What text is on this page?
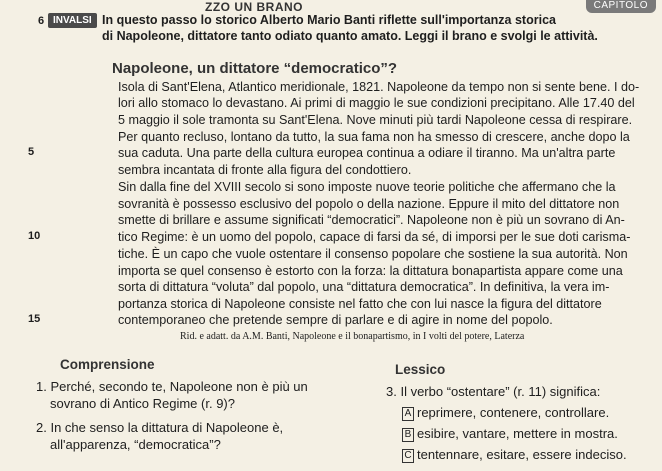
ZZO UN BRANO	CAPITOLO
6 INVALSI In questo passo lo storico Alberto Mario Banti riflette sull'importanza storica
di Napoleone, dittatore tanto odiato quanto amato. Leggi il brano e svolgi le attività.
Napoleone, un dittatore “democratico”?
Isola di Sant'Elena, Atlantico meridionale, 1821. Napoleone da tempo non si sente bene. I do-
lori allo stomaco lo devastano. Ai primi di maggio le sue condizioni precipitano. Alle 17.40 del
5 maggio il sole tramonta su Sant'Elena. Nove minuti più tardi Napoleone cessa di respirare.
Per quanto recluso, lontano da tutto, la sua fama non ha smesso di crescere, anche dopo la
5	sua caduta. Una parte della cultura europea continua a odiare il tiranno. Ma un'altra parte
sembra incantata di fronte alla figura del condottiero.
Sin dalla fine del XVIII secolo si sono imposte nuove teorie politiche che affermano che la
sovranità è possesso esclusivo del popolo o della nazione. Eppure il mito del dittatore non
smette di brillare e assume significati “democratici”. Napoleone non è più un sovrano di An-
10	tico Regime: è un uomo del popolo, capace di farsi da sé, di imporsi per le sue doti carisma-
tiche. È un capo che vuole ostentare il consenso popolare che sostiene la sua autorità. Non
importa se quel consenso è estorto con la forza: la dittatura bonapartista appare come una
sorta di dittatura “voluta” dal popolo, una “dittatura democratica”. In definitiva, la vera im-
portanza storica di Napoleone consiste nel fatto che con lui nasce la figura del dittatore
15	contemporaneo che pretende sempre di parlare e di agire in nome del popolo.
Rid. e adatt. da A.M. Banti, Napoleone e il bonapartismo, in I volti del potere, Laterza
Comprensione
1. Perché, secondo te, Napoleone non è più un
sovrano di Antico Regime (r. 9)?
2. In che senso la dittatura di Napoleone è,
all'apparenza, “democratica”?
Lessico
3. Il verbo “ostentare” (r. 11) significa:
A reprimere, contenere, controllare.
B esibire, vantare, mettere in mostra.
C tentennare, esitare, essere indeciso.
